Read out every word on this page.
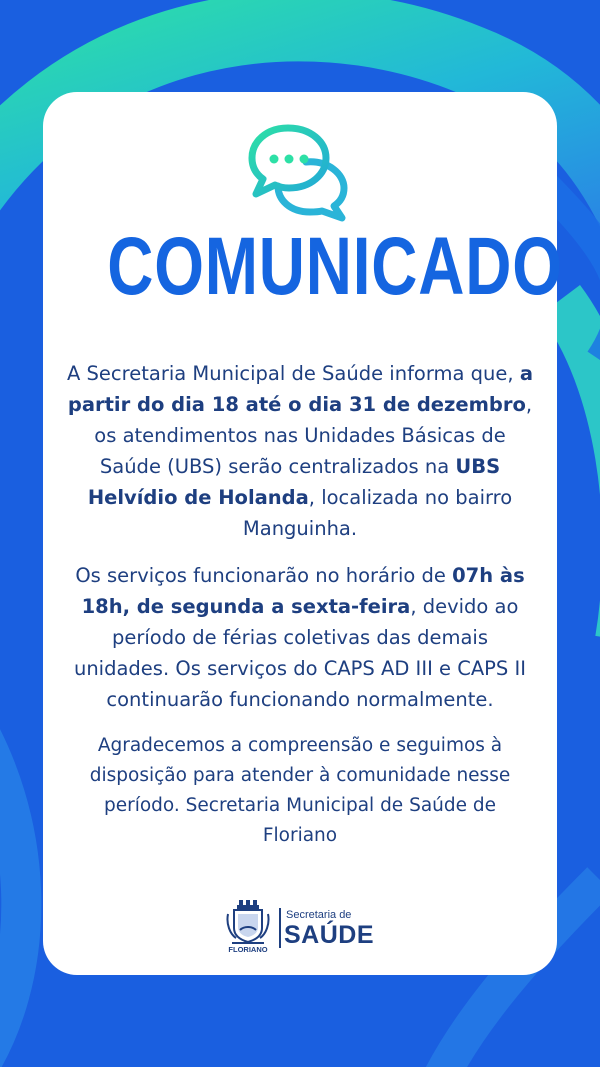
COMUNICADO

A Secretaria Municipal de Saúde informa que, a partir do dia 18 até o dia 31 de dezembro, os atendimentos nas Unidades Básicas de Saúde (UBS) serão centralizados na UBS Helvídio de Holanda, localizada no bairro Manguinha.

Os serviços funcionarão no horário de 07h às 18h, de segunda a sexta-feira, devido ao período de férias coletivas das demais unidades. Os serviços do CAPS AD III e CAPS II continuarão funcionando normalmente.

Agradecemos a compreensão e seguimos à disposição para atender à comunidade nesse período. Secretaria Municipal de Saúde de Floriano

FLORIANO
Secretaria de
SAÚDE
